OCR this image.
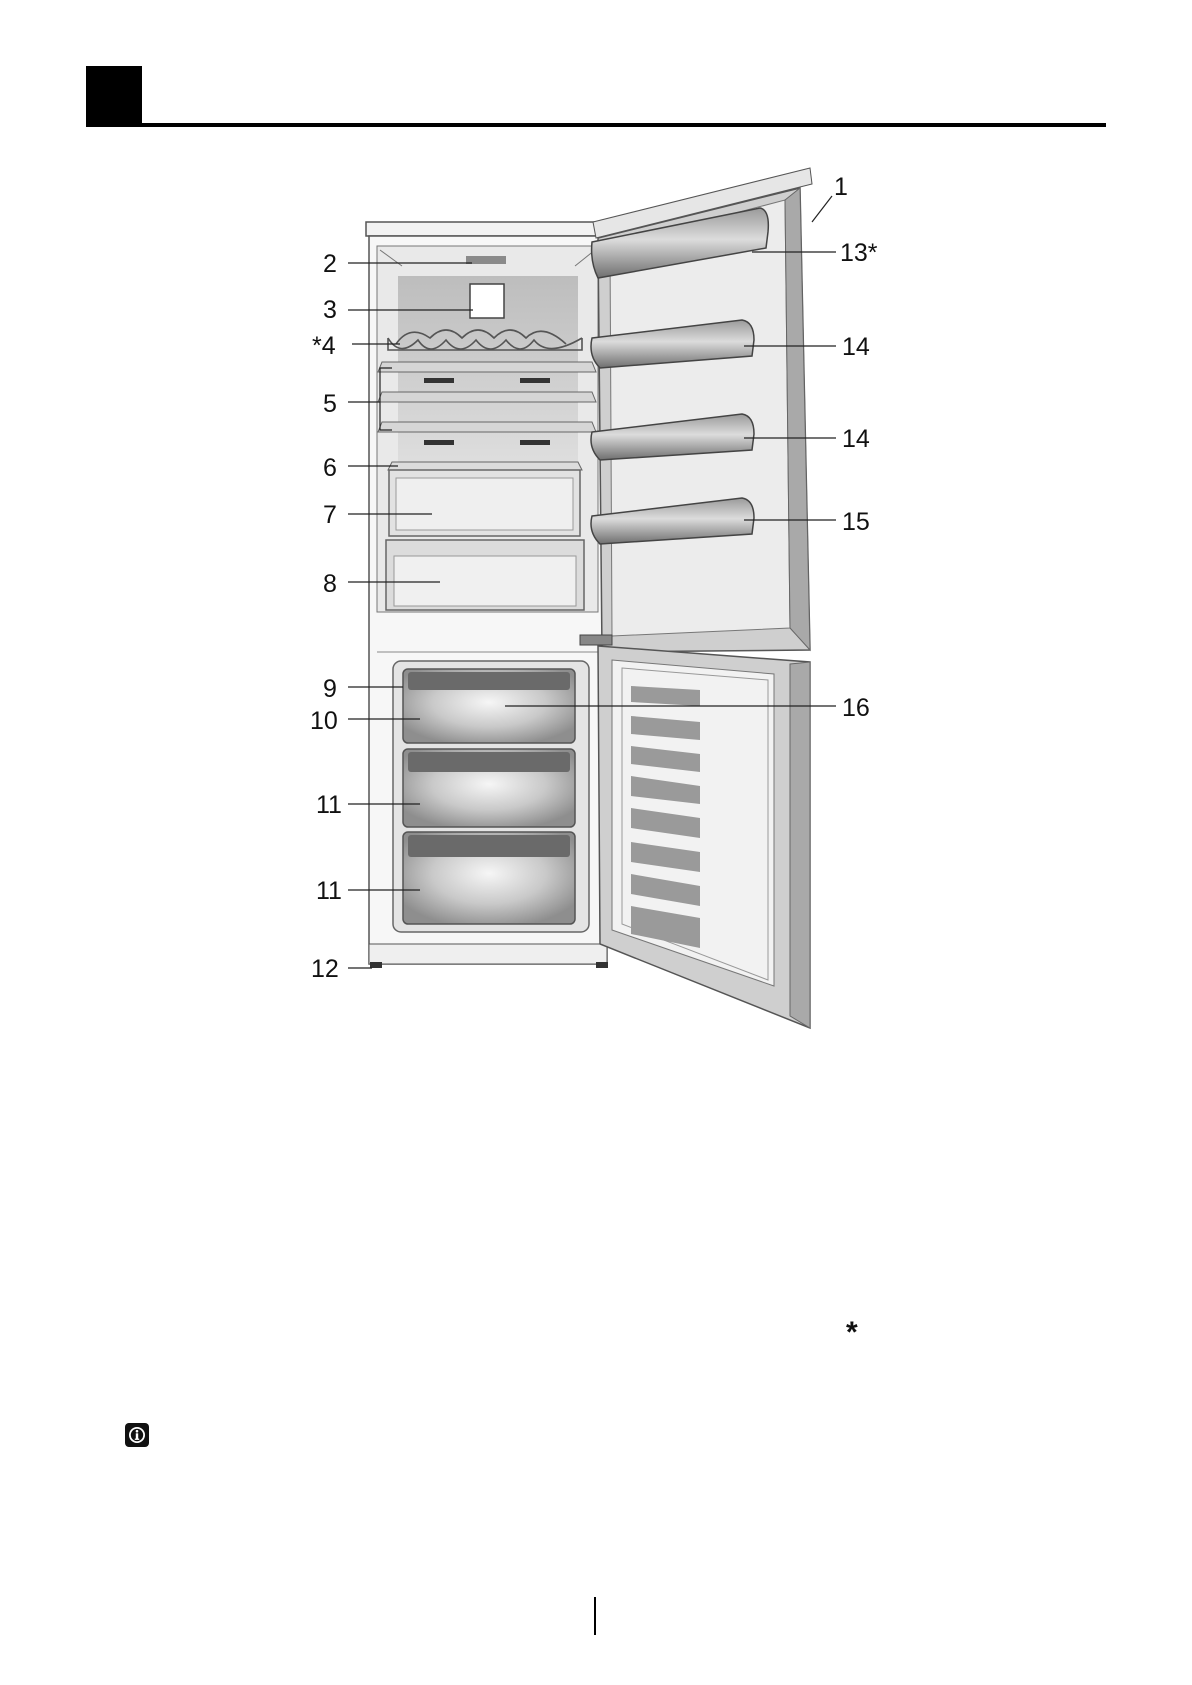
1
2
3
*4
5
6
7
8
9
10
11
11
12
13*
14
14
15
16
*
